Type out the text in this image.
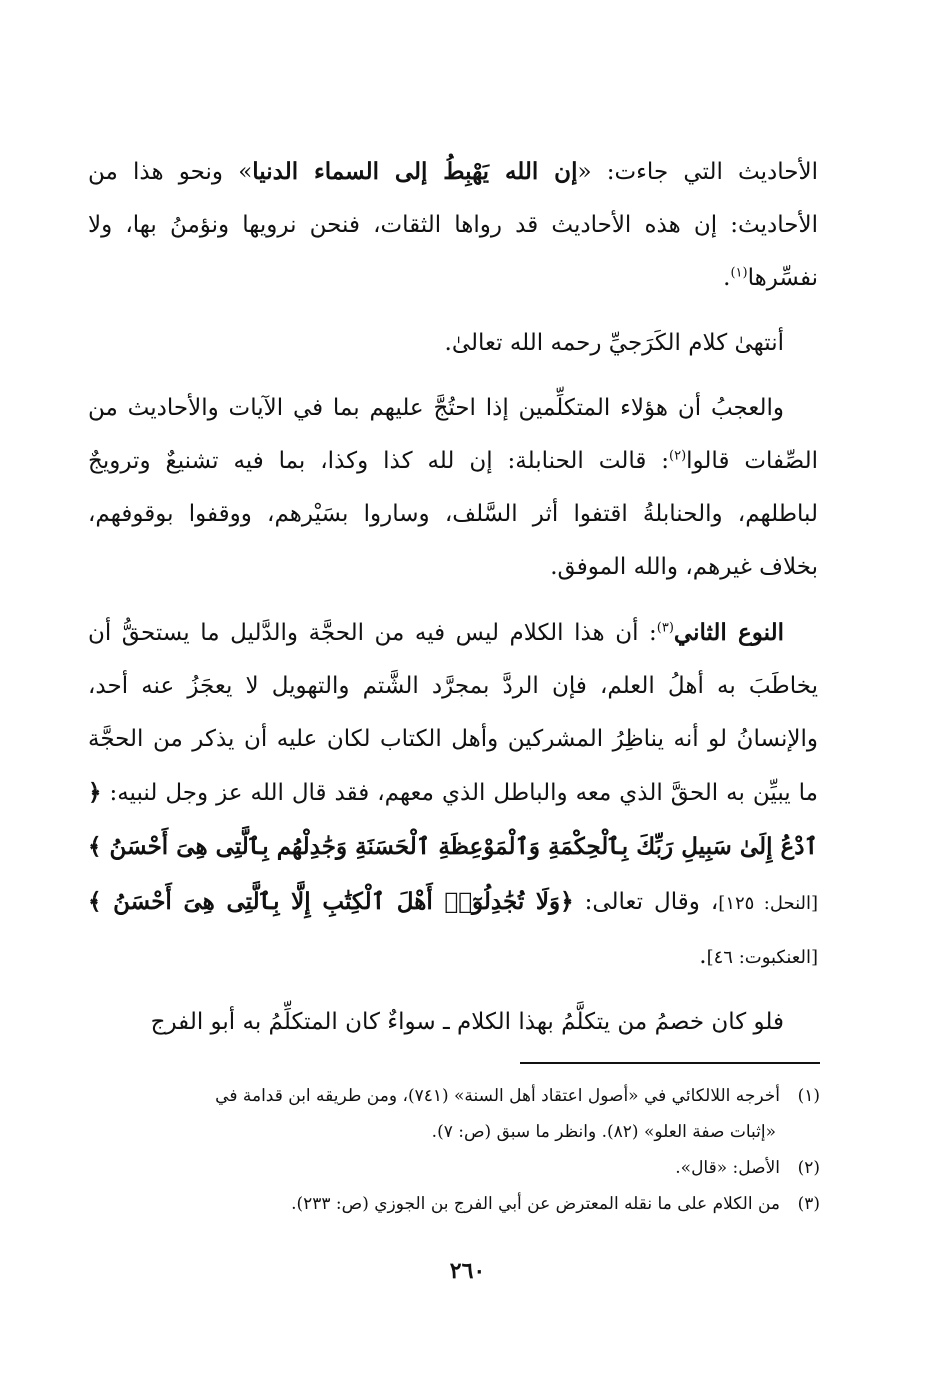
الأحاديث التي جاءت: «إن الله يَهْبِطُ إلى السماء الدنيا» ونحو هذا من الأحاديث: إن هذه الأحاديث قد رواها الثقات، فنحن نرويها ونؤمنُ بها، ولا نفسِّرها$^{(١)}$.

أنتهىٰ كلام الكَرَجيِّ رحمه الله تعالىٰ.

والعجبُ أن هؤلاء المتكلِّمين إذا احتُجَّ عليهم بما في الآيات والأحاديث من الصِّفات قالوا$^{(٢)}$: قالت الحنابلة: إن لله كذا وكذا، بما فيه تشنيعٌ وترويجٌ لباطلهم، والحنابلةُ اقتفوا أثر السَّلف، وساروا بسَيْرهم، ووقفوا بوقوفهم، بخلاف غيرهم، والله الموفق.

النوع الثاني$^{(٣)}$: أن هذا الكلام ليس فيه من الحجَّة والدَّليل ما يستحقُّ أن يخاطَبَ به أهلُ العلم، فإن الردَّ بمجرَّد الشَّتم والتهويل لا يعجَزُ عنه أحد، والإنسانُ لو أنه يناظِرُ المشركين وأهل الكتاب لكان عليه أن يذكر من الحجَّة ما يبيِّن به الحقَّ الذي معه والباطل الذي معهم، فقد قال الله عز وجل لنبيه: ﴿ ٱدْعُ إِلَىٰ سَبِيلِ رَبِّكَ بِٱلْحِكْمَةِ وَٱلْمَوْعِظَةِ ٱلْحَسَنَةِ وَجَٰدِلْهُم بِٱلَّتِى هِىَ أَحْسَنُ ﴾ [النحل: ١٢٥]، وقال تعالى: ﴿وَلَا تُجَٰدِلُوٓا۟ أَهْلَ ٱلْكِتَٰبِ إِلَّا بِٱلَّتِى هِىَ أَحْسَنُ ﴾ [العنكبوت: ٤٦].

فلو كان خصمُ من يتكلَّمُ بهذا الكلام ـ سواءٌ كان المتكلِّمُ به أبو الفرج

(١)أخرجه اللالكائي في «أصول اعتقاد أهل السنة» (٧٤١)، ومن طريقه ابن قدامة في

«إثبات صفة العلو» (٨٢). وانظر ما سبق (ص: ٧).

(٢)الأصل: «قال».

(٣)من الكلام على ما نقله المعترض عن أبي الفرج بن الجوزي (ص: ٢٣٣).

٢٦٠
